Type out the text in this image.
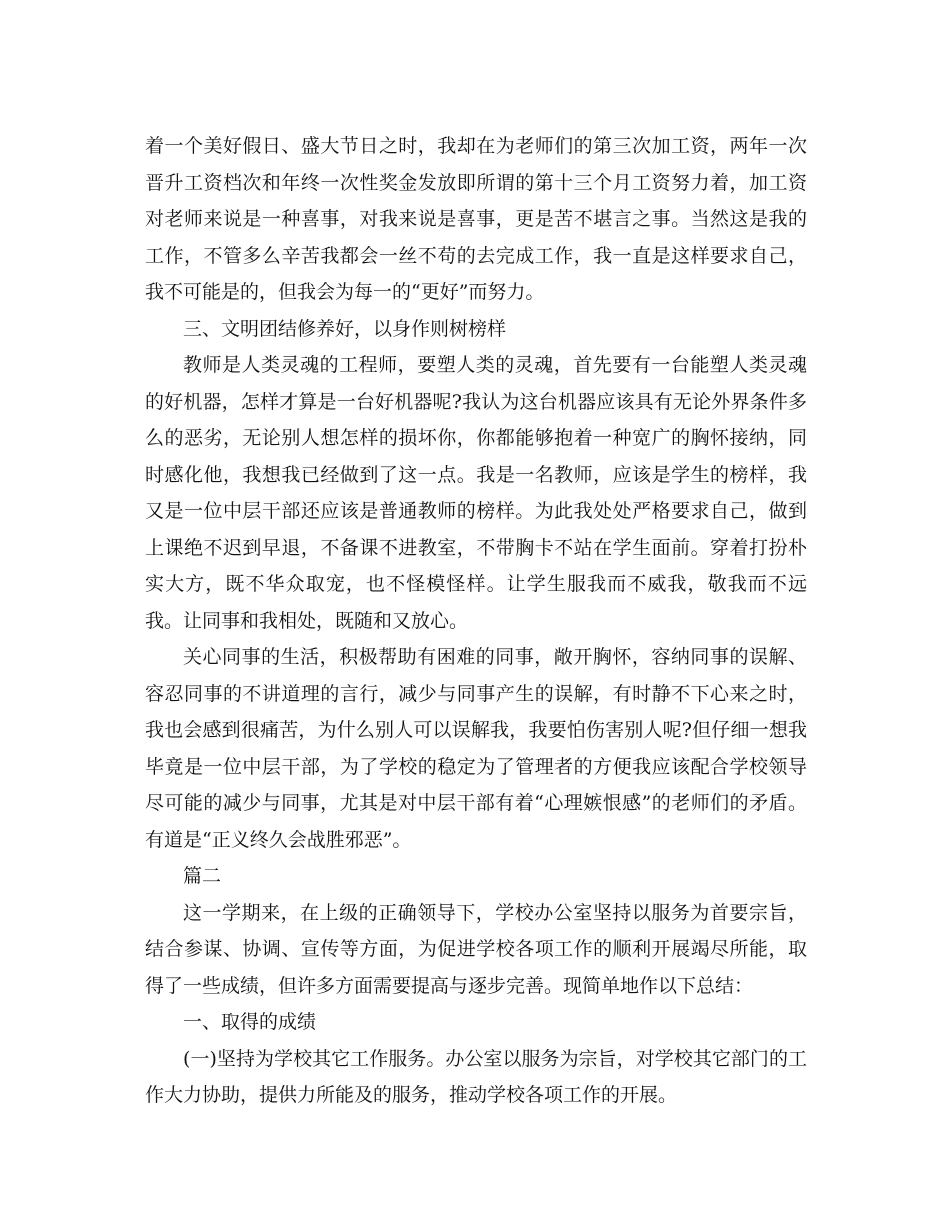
着一个美好假日、盛大节日之时，我却在为老师们的第三次加工资，两年一次晋升工资档次和年终一次性奖金发放即所谓的第十三个月工资努力着，加工资对老师来说是一种喜事，对我来说是喜事，更是苦不堪言之事。当然这是我的工作，不管多么辛苦我都会一丝不苟的去完成工作，我一直是这样要求自己，我不可能是的，但我会为每一的“更好”而努力。

三、文明团结修养好，以身作则树榜样

教师是人类灵魂的工程师，要塑人类的灵魂，首先要有一台能塑人类灵魂的好机器，怎样才算是一台好机器呢?我认为这台机器应该具有无论外界条件多么的恶劣，无论别人想怎样的损坏你，你都能够抱着一种宽广的胸怀接纳，同时感化他，我想我已经做到了这一点。我是一名教师，应该是学生的榜样，我又是一位中层干部还应该是普通教师的榜样。为此我处处严格要求自己，做到上课绝不迟到早退，不备课不进教室，不带胸卡不站在学生面前。穿着打扮朴实大方，既不华众取宠，也不怪模怪样。让学生服我而不威我，敬我而不远我。让同事和我相处，既随和又放心。

关心同事的生活，积极帮助有困难的同事，敞开胸怀，容纳同事的误解、容忍同事的不讲道理的言行，减少与同事产生的误解，有时静不下心来之时，我也会感到很痛苦，为什么别人可以误解我，我要怕伤害别人呢?但仔细一想我毕竟是一位中层干部，为了学校的稳定为了管理者的方便我应该配合学校领导尽可能的减少与同事，尤其是对中层干部有着“心理嫉恨感”的老师们的矛盾。有道是“正义终久会战胜邪恶”。

篇二

这一学期来，在上级的正确领导下，学校办公室坚持以服务为首要宗旨，结合参谋、协调、宣传等方面，为促进学校各项工作的顺利开展竭尽所能，取得了一些成绩，但许多方面需要提高与逐步完善。现简单地作以下总结：

一、取得的成绩

(一)坚持为学校其它工作服务。办公室以服务为宗旨，对学校其它部门的工作大力协助，提供力所能及的服务，推动学校各项工作的开展。
